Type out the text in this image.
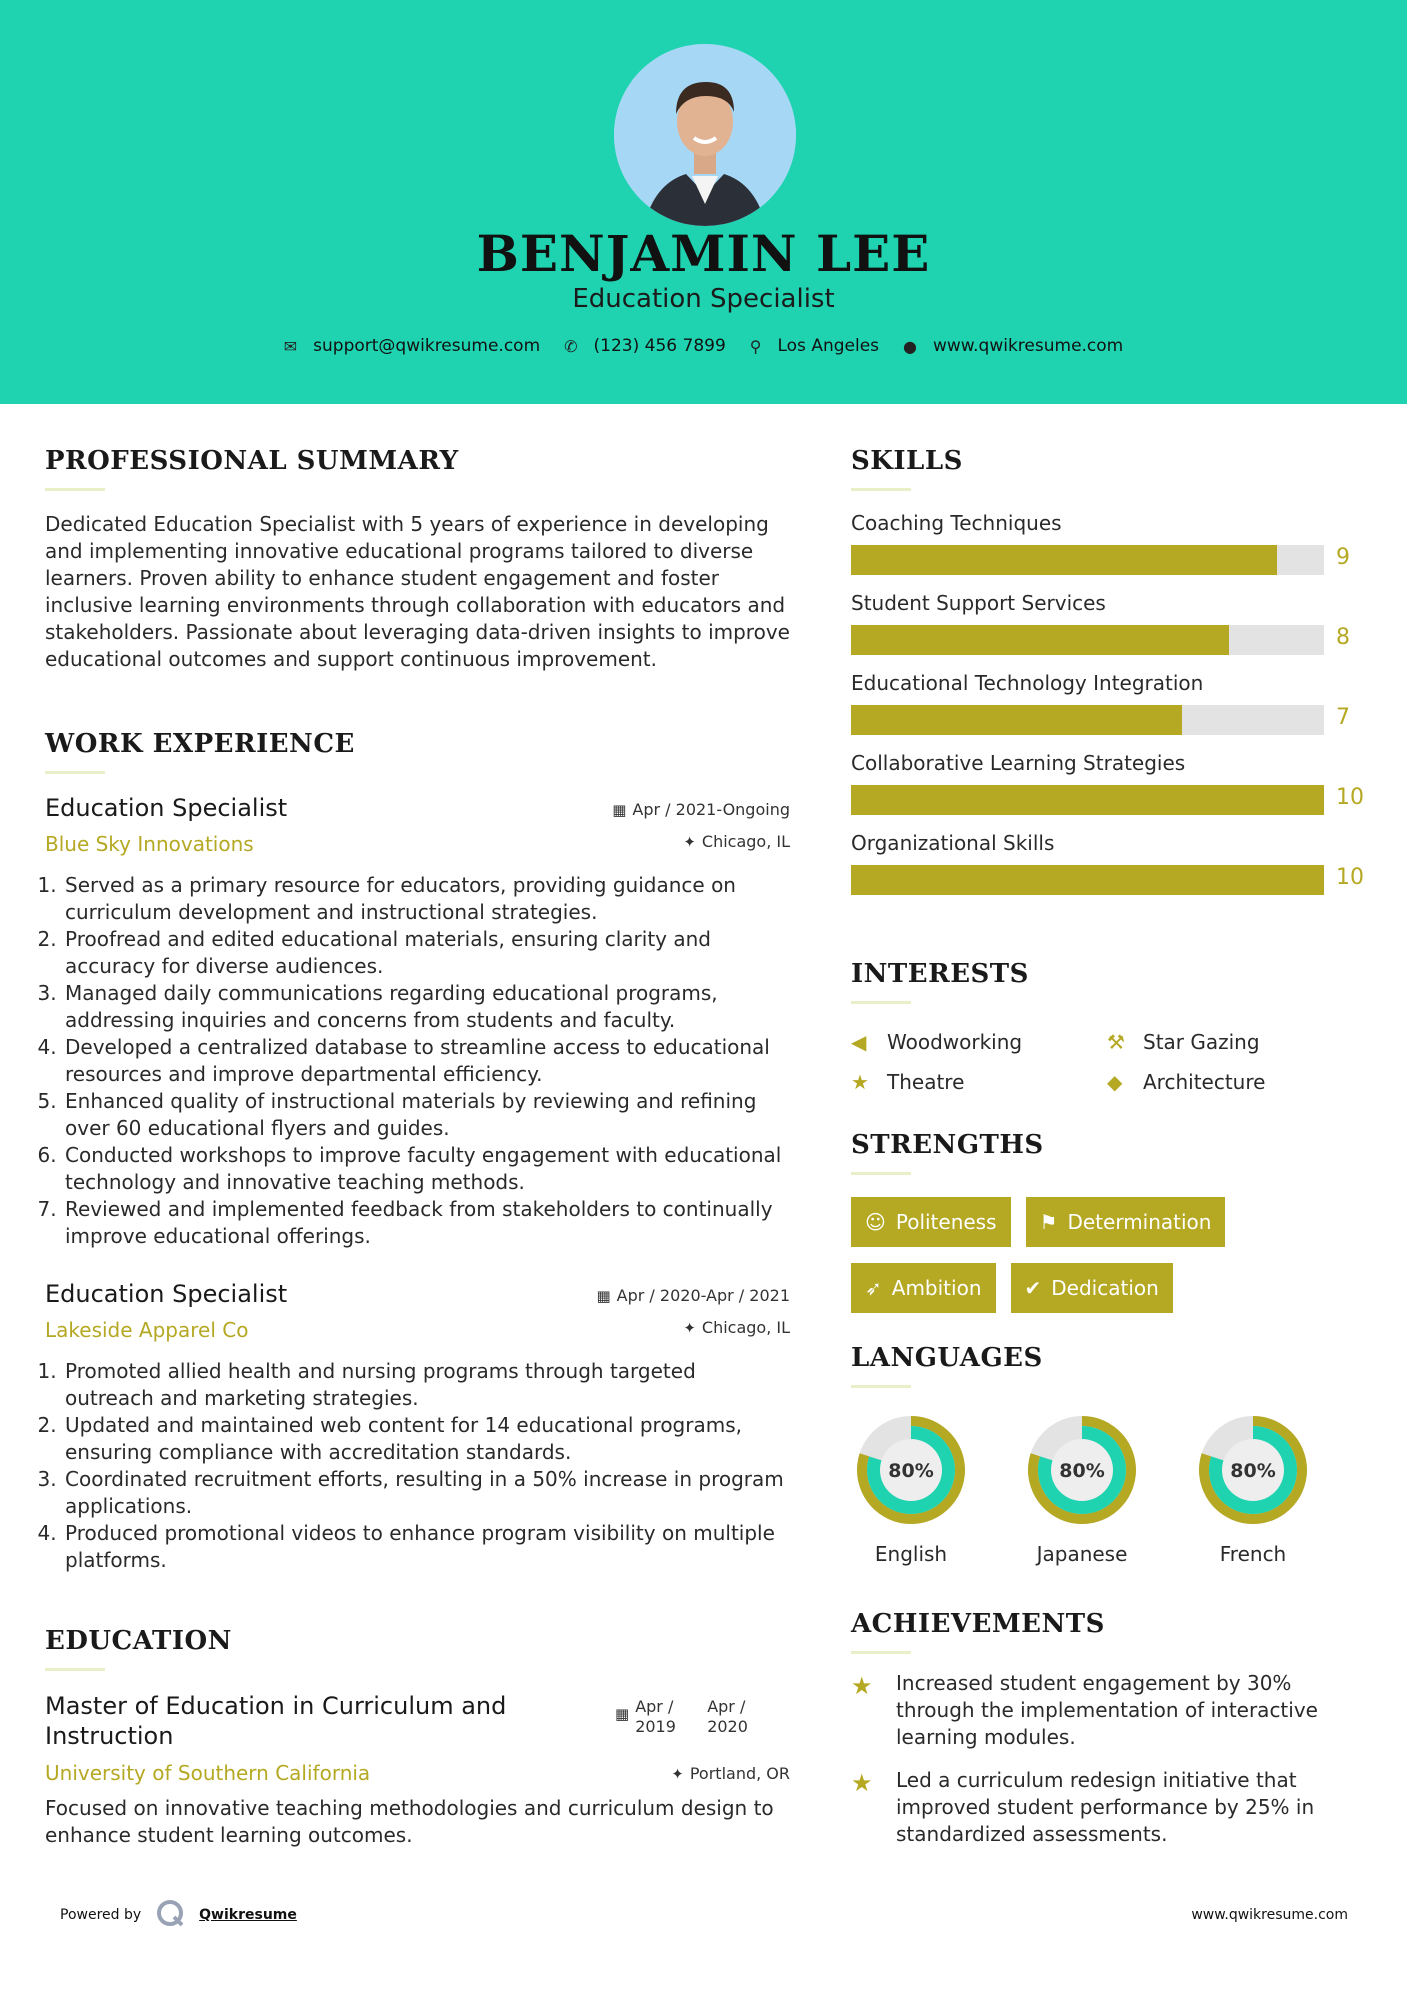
BENJAMIN LEE
Education Specialist
✉ support@qwikresume.com ✆ (123) 456 7899 ⚲ Los Angeles ● www.qwikresume.com
PROFESSIONAL SUMMARY
Dedicated Education Specialist with 5 years of experience in developing and implementing innovative educational programs tailored to diverse learners. Proven ability to enhance student engagement and foster inclusive learning environments through collaboration with educators and stakeholders. Passionate about leveraging data-driven insights to improve educational outcomes and support continuous improvement.
WORK EXPERIENCE
Education Specialist
Blue Sky Innovations
▦ Apr / 2021-Ongoing
✦ Chicago, IL
1. Served as a primary resource for educators, providing guidance on curriculum development and instructional strategies.
2. Proofread and edited educational materials, ensuring clarity and accuracy for diverse audiences.
3. Managed daily communications regarding educational programs, addressing inquiries and concerns from students and faculty.
4. Developed a centralized database to streamline access to educational resources and improve departmental efficiency.
5. Enhanced quality of instructional materials by reviewing and refining over 60 educational flyers and guides.
6. Conducted workshops to improve faculty engagement with educational technology and innovative teaching methods.
7. Reviewed and implemented feedback from stakeholders to continually improve educational offerings.
Education Specialist
Lakeside Apparel Co
▦ Apr / 2020-Apr / 2021
✦ Chicago, IL
1. Promoted allied health and nursing programs through targeted outreach and marketing strategies.
2. Updated and maintained web content for 14 educational programs, ensuring compliance with accreditation standards.
3. Coordinated recruitment efforts, resulting in a 50% increase in program applications.
4. Produced promotional videos to enhance program visibility on multiple platforms.
EDUCATION
Master of Education in Curriculum and Instruction
▦ Apr / 2019
Apr / 2020
University of Southern California	✦ Portland, OR
Focused on innovative teaching methodologies and curriculum design to enhance student learning outcomes.
SKILLS
Coaching Techniques
9
Student Support Services
8
Educational Technology Integration
7
Collaborative Learning Strategies
10
Organizational Skills
10
INTERESTS
◀	Woodworking	⚒ Star Gazing
★ Theatre	◆	Architecture
STRENGTHS
☺ Politeness ⚑ Determination
➶ Ambition ✔ Dedication
LANGUAGES
80%
English
80%
Japanese
80%
French
ACHIEVEMENTS
★	Increased student engagement by 30% through the implementation of interactive learning modules.
★	Led a curriculum redesign initiative that improved student performance by 25% in standardized assessments.
Powered by	Qwikresume	www.qwikresume.com
